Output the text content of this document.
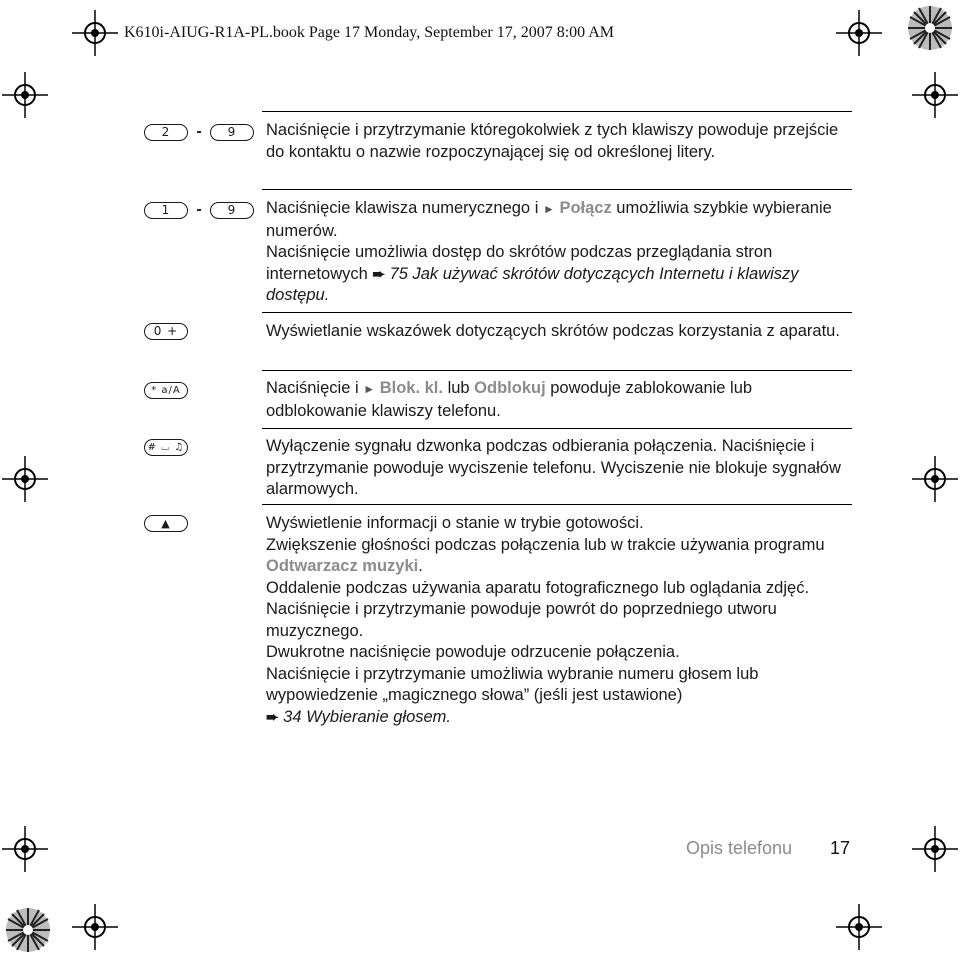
K610i-AIUG-R1A-PL.book Page 17 Monday, September 17, 2007 8:00 AM
2	-	9	Naciśnięcie i przytrzymanie któregokolwiek z tych klawiszy powoduje przejście do kontaktu o nazwie rozpoczynającej się od określonej litery.
1	-	9	Naciśnięcie klawisza numerycznego i ► Połącz umożliwia szybkie wybieranie numerów.
Naciśnięcie umożliwia dostęp do skrótów podczas przeglądania stron internetowych ➨ 75 Jak używać skrótów dotyczących Internetu i klawiszy dostępu.
0 +	Wyświetlanie wskazówek dotyczących skrótów podczas korzystania z aparatu.
* a/A	Naciśnięcie i ► Blok. kl. lub Odblokuj powoduje zablokowanie lub odblokowanie klawiszy telefonu.
# ⌴ ♫	Wyłączenie sygnału dzwonka podczas odbierania połączenia. Naciśnięcie i przytrzymanie powoduje wyciszenie telefonu. Wyciszenie nie blokuje sygnałów alarmowych.
▲	Wyświetlenie informacji o stanie w trybie gotowości.
Zwiększenie głośności podczas połączenia lub w trakcie używania programu Odtwarzacz muzyki.
Oddalenie podczas używania aparatu fotograficznego lub oglądania zdjęć.
Naciśnięcie i przytrzymanie powoduje powrót do poprzedniego utworu muzycznego.
Dwukrotne naciśnięcie powoduje odrzucenie połączenia.
Naciśnięcie i przytrzymanie umożliwia wybranie numeru głosem lub wypowiedzenie „magicznego słowa” (jeśli jest ustawione)
➨ 34 Wybieranie głosem.
Opis telefonu 17
